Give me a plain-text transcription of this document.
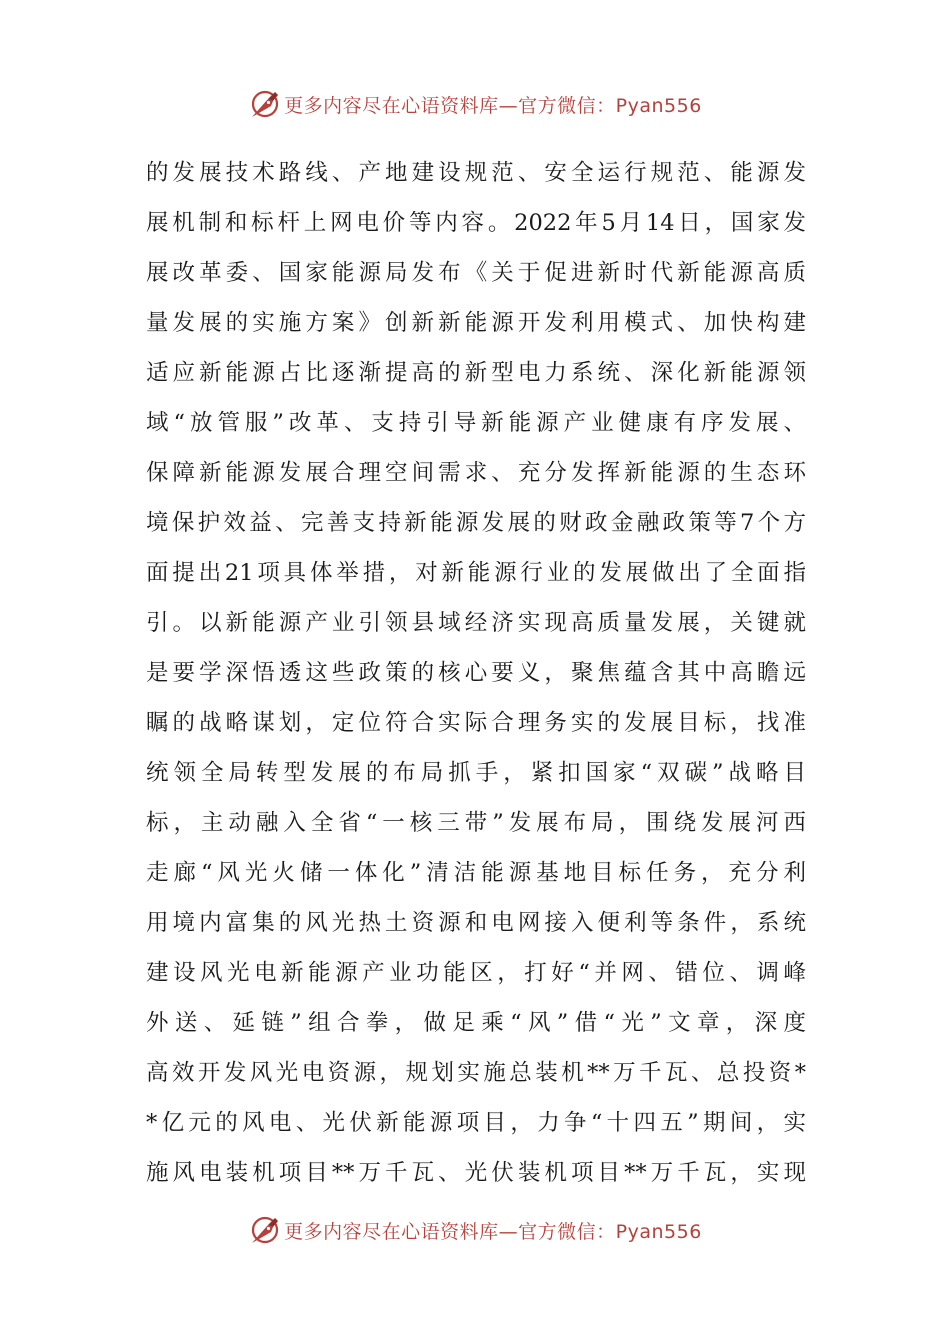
更多内容尽在心语资料库—官方微信：Pyan556
的发展技术路线、产地建设规范、安全运行规范、能源发
展机制和标杆上网电价等内容。2022年5月14日，国家发
展改革委、国家能源局发布《关于促进新时代新能源高质
量发展的实施方案》创新新能源开发利用模式、加快构建
适应新能源占比逐渐提高的新型电力系统、深化新能源领
域“放管服”改革、支持引导新能源产业健康有序发展、
保障新能源发展合理空间需求、充分发挥新能源的生态环
境保护效益、完善支持新能源发展的财政金融政策等7个方
面提出21项具体举措，对新能源行业的发展做出了全面指
引。以新能源产业引领县域经济实现高质量发展，关键就
是要学深悟透这些政策的核心要义，聚焦蕴含其中高瞻远
瞩的战略谋划，定位符合实际合理务实的发展目标，找准
统领全局转型发展的布局抓手，紧扣国家“双碳”战略目
标，主动融入全省“一核三带”发展布局，围绕发展河西
走廊“风光火储一体化”清洁能源基地目标任务，充分利
用境内富集的风光热土资源和电网接入便利等条件，系统
建设风光电新能源产业功能区，打好“并网、错位、调峰
外送、延链”组合拳，做足乘“风”借“光”文章，深度
高效开发风光电资源，规划实施总装机**万千瓦、总投资*
*亿元的风电、光伏新能源项目，力争“十四五”期间，实
施风电装机项目**万千瓦、光伏装机项目**万千瓦，实现
更多内容尽在心语资料库—官方微信：Pyan556
